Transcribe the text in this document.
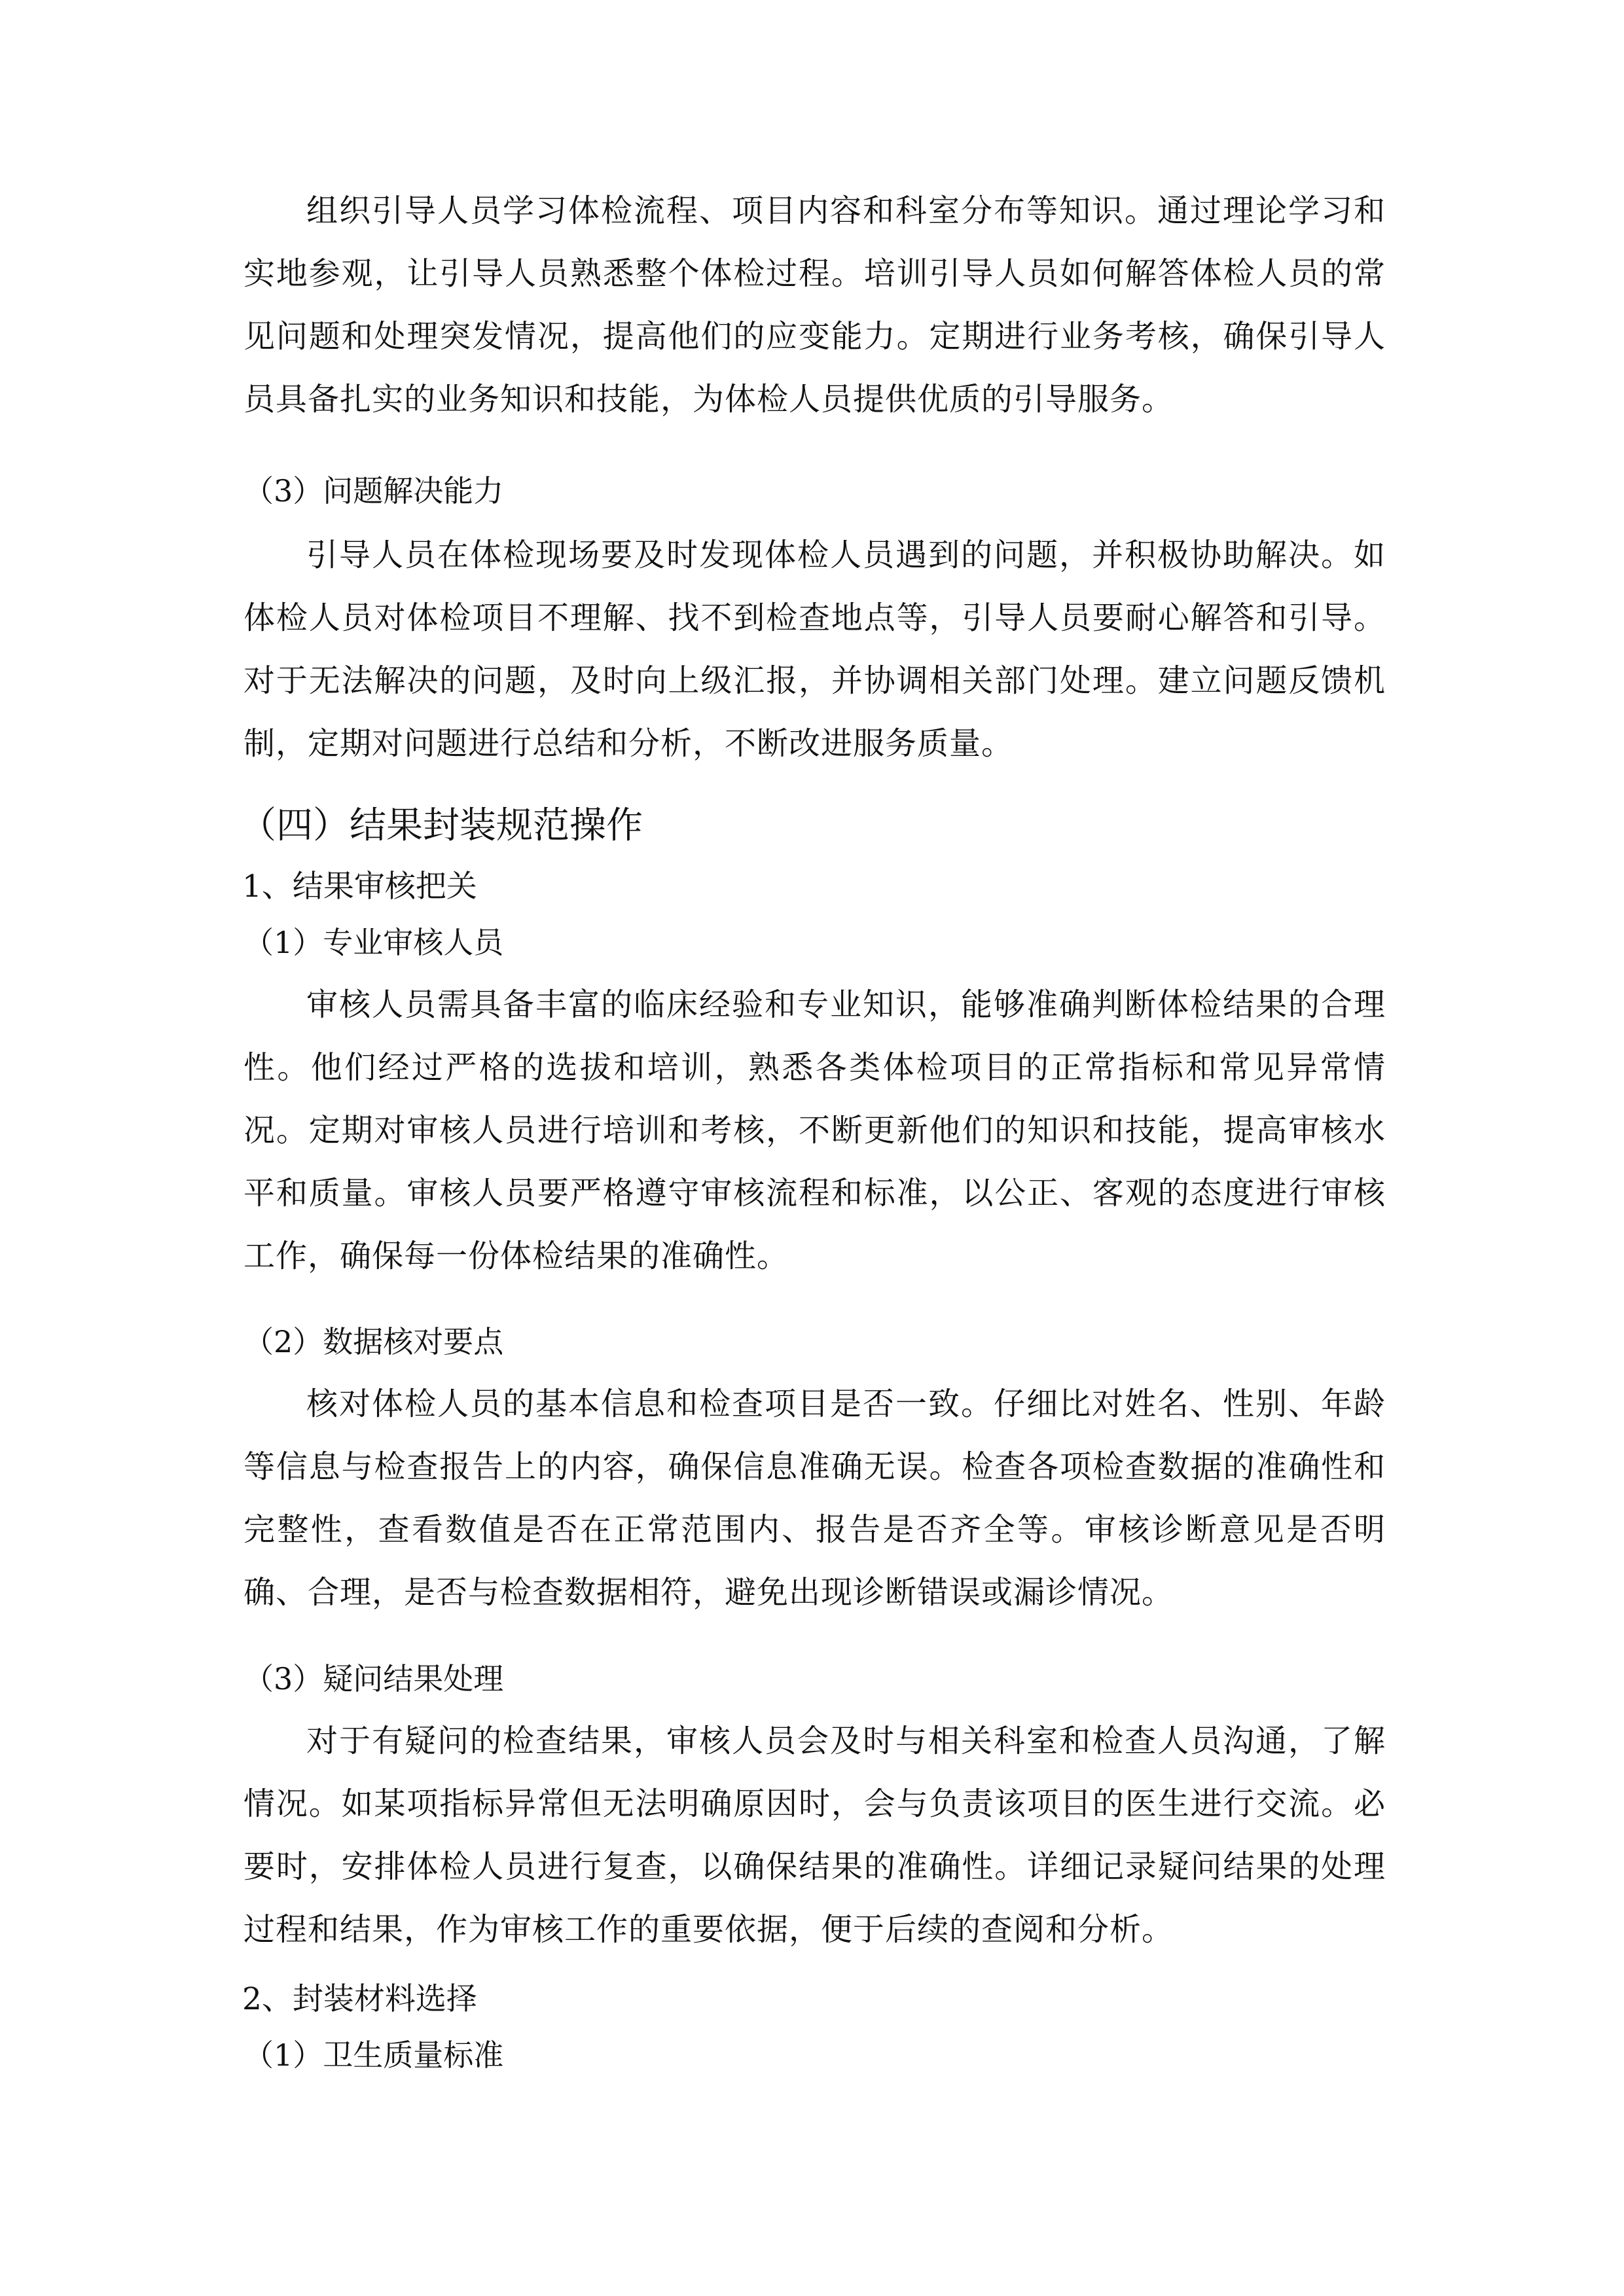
组织引导人员学习体检流程、项目内容和科室分布等知识。通过理论学习和实地参观，让引导人员熟悉整个体检过程。培训引导人员如何解答体检人员的常见问题和处理突发情况，提高他们的应变能力。定期进行业务考核，确保引导人员具备扎实的业务知识和技能，为体检人员提供优质的引导服务。

（3）问题解决能力

引导人员在体检现场要及时发现体检人员遇到的问题，并积极协助解决。如体检人员对体检项目不理解、找不到检查地点等，引导人员要耐心解答和引导。对于无法解决的问题，及时向上级汇报，并协调相关部门处理。建立问题反馈机制，定期对问题进行总结和分析，不断改进服务质量。

（四）结果封装规范操作

1、结果审核把关

（1）专业审核人员

审核人员需具备丰富的临床经验和专业知识，能够准确判断体检结果的合理性。他们经过严格的选拔和培训，熟悉各类体检项目的正常指标和常见异常情况。定期对审核人员进行培训和考核，不断更新他们的知识和技能，提高审核水平和质量。审核人员要严格遵守审核流程和标准，以公正、客观的态度进行审核工作，确保每一份体检结果的准确性。

（2）数据核对要点

核对体检人员的基本信息和检查项目是否一致。仔细比对姓名、性别、年龄等信息与检查报告上的内容，确保信息准确无误。检查各项检查数据的准确性和完整性，查看数值是否在正常范围内、报告是否齐全等。审核诊断意见是否明确、合理，是否与检查数据相符，避免出现诊断错误或漏诊情况。

（3）疑问结果处理

对于有疑问的检查结果，审核人员会及时与相关科室和检查人员沟通，了解情况。如某项指标异常但无法明确原因时，会与负责该项目的医生进行交流。必要时，安排体检人员进行复查，以确保结果的准确性。详细记录疑问结果的处理过程和结果，作为审核工作的重要依据，便于后续的查阅和分析。

2、封装材料选择

（1）卫生质量标准
